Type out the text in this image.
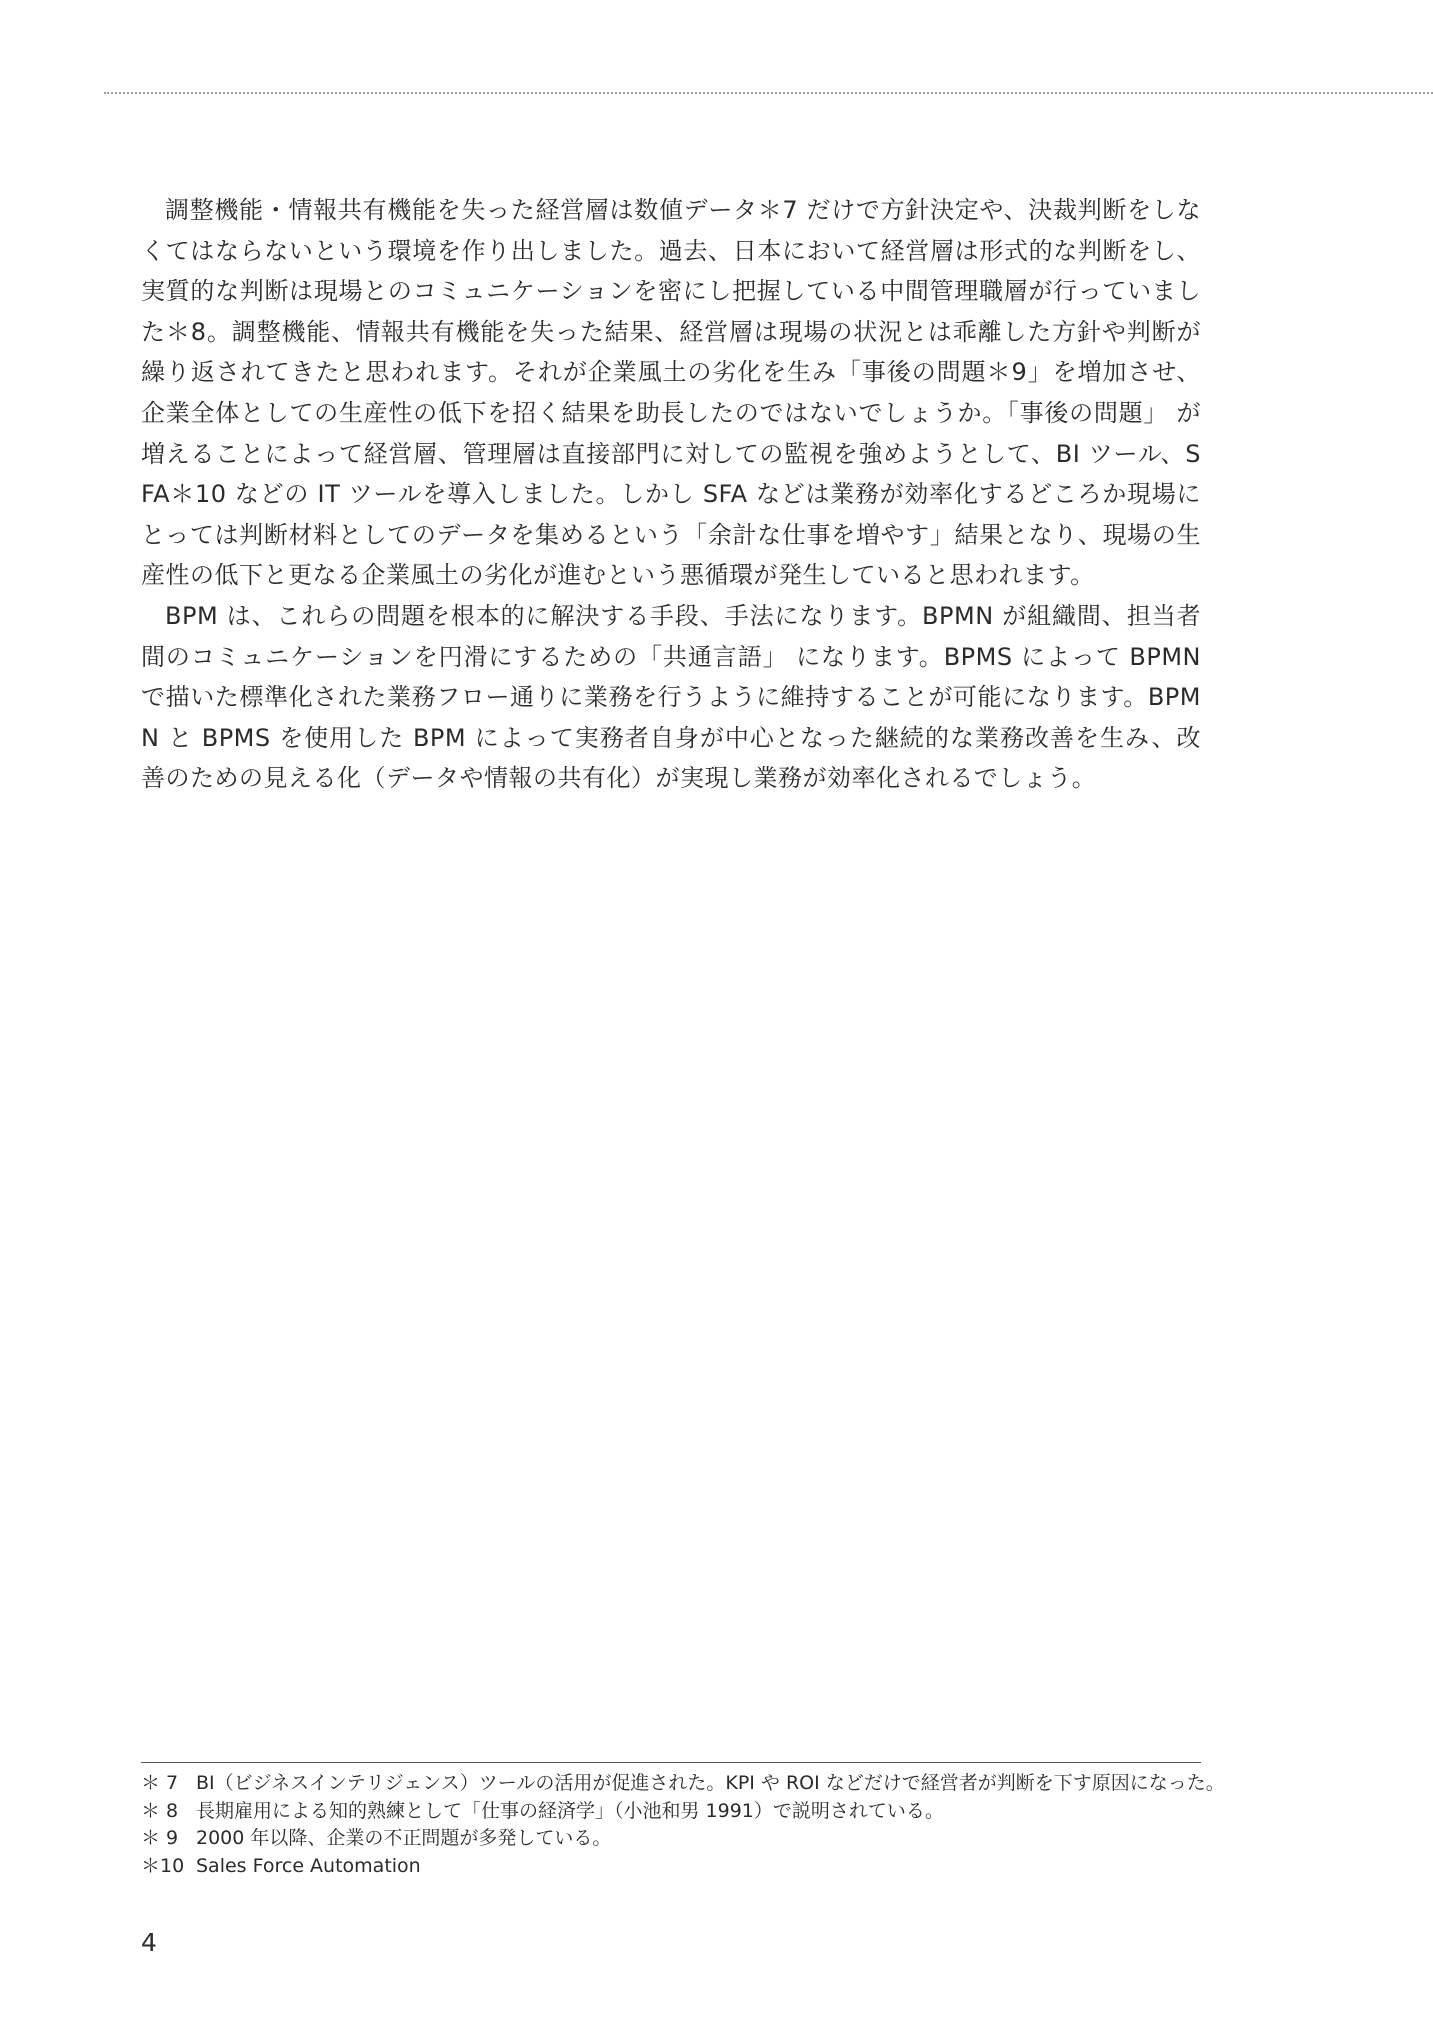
調整機能・情報共有機能を失った経営層は数値データ＊7 だけで方針決定や、決裁判断をしなくてはならないという環境を作り出しました。過去、日本において経営層は形式的な判断をし、実質的な判断は現場とのコミュニケーションを密にし把握している中間管理職層が行っていました＊8。調整機能、情報共有機能を失った結果、経営層は現場の状況とは乖離した方針や判断が繰り返されてきたと思われます。それが企業風土の劣化を生み「事後の問題＊9」を増加させ、企業全体としての生産性の低下を招く結果を助長したのではないでしょうか。「事後の問題」 が増えることによって経営層、管理層は直接部門に対しての監視を強めようとして、BI ツール、SFA＊10 などの IT ツールを導入しました。しかし SFA などは業務が効率化するどころか現場にとっては判断材料としてのデータを集めるという「余計な仕事を増やす」結果となり、現場の生産性の低下と更なる企業風土の劣化が進むという悪循環が発生していると思われます。

BPM は、これらの問題を根本的に解決する手段、手法になります。BPMN が組織間、担当者間のコミュニケーションを円滑にするための「共通言語」 になります。BPMS によって BPMN で描いた標準化された業務フロー通りに業務を行うように維持することが可能になります。BPMN と BPMS を使用した BPM によって実務者自身が中心となった継続的な業務改善を生み、改善のための見える化（データや情報の共有化）が実現し業務が効率化されるでしょう。

＊ 7 BI（ビジネスインテリジェンス）ツールの活用が促進された。KPI や ROI などだけで経営者が判断を下す原因になった。
＊ 8 長期雇用による知的熟練として「仕事の経済学」（小池和男 1991）で説明されている。
＊ 9 2000 年以降、企業の不正問題が多発している。
＊10 Sales Force Automation
4
